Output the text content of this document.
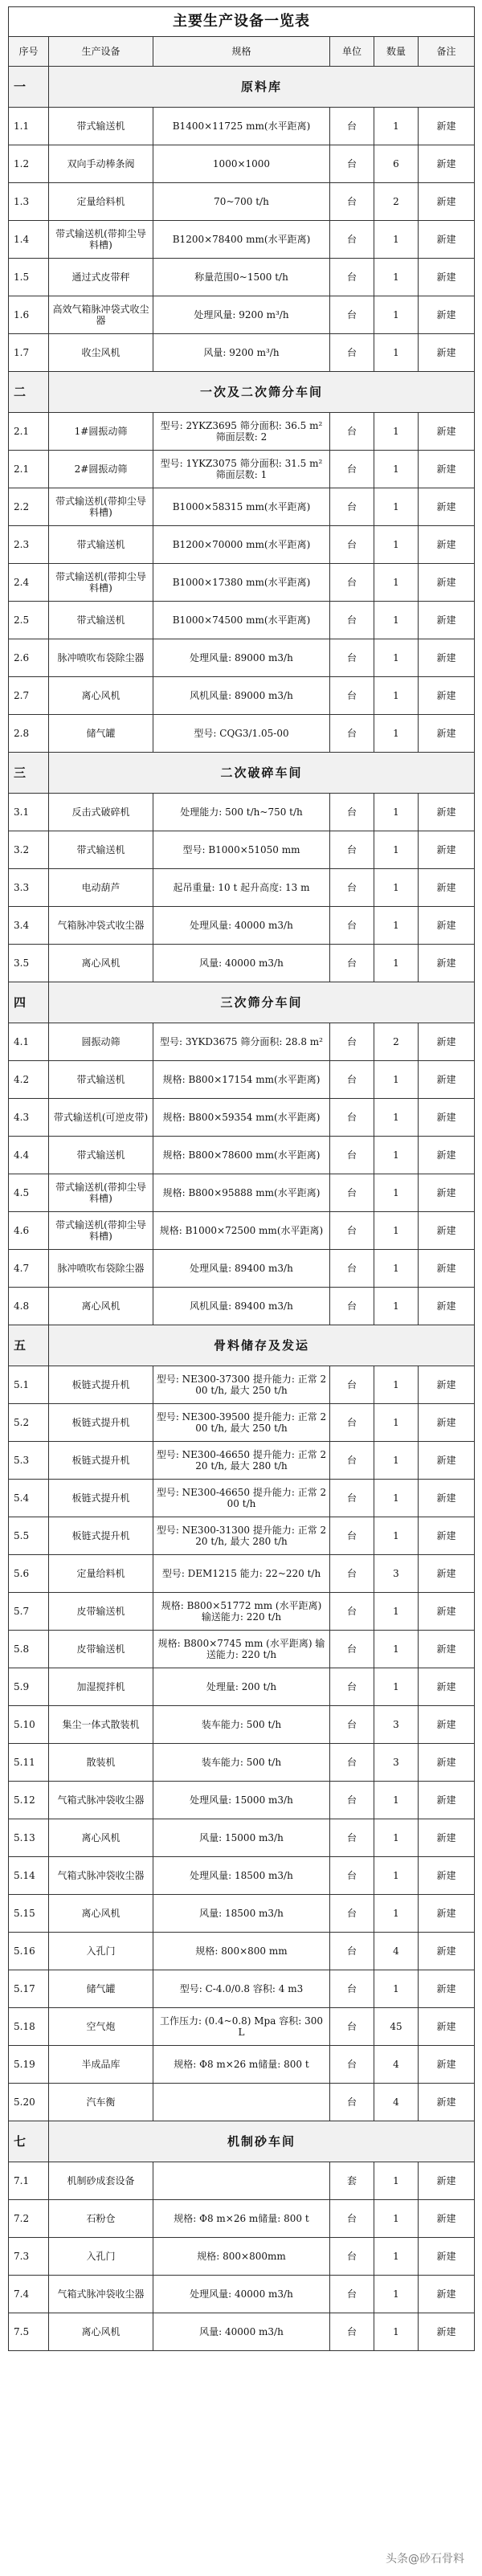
主要生产设备一览表					
序号	生产设备	规格	单位	数量	备注
一	原料库				
1.1	带式输送机	B1400×11725 mm(水平距离)	台	1	新建
1.2	双向手动棒条阀	1000×1000	台	6	新建
1.3	定量给料机	70~700 t/h	台	2	新建
1.4	带式输送机(带抑尘导料槽)	B1200×78400 mm(水平距离)	台	1	新建
1.5	通过式皮带秤	称量范围0~1500 t/h	台	1	新建
1.6	高效气箱脉冲袋式收尘器	处理风量: 9200 m³/h	台	1	新建
1.7	收尘风机	风量: 9200 m³/h	台	1	新建
二	一次及二次筛分车间				
2.1	1#圆振动筛	型号: 2YKZ3695 筛分面积: 36.5 m² 筛面层数: 2	台	1	新建
2.1	2#圆振动筛	型号: 1YKZ3075 筛分面积: 31.5 m² 筛面层数: 1	台	1	新建
2.2	带式输送机(带抑尘导料槽)	B1000×58315 mm(水平距离)	台	1	新建
2.3	带式输送机	B1200×70000 mm(水平距离)	台	1	新建
2.4	带式输送机(带抑尘导料槽)	B1000×17380 mm(水平距离)	台	1	新建
2.5	带式输送机	B1000×74500 mm(水平距离)	台	1	新建
2.6	脉冲喷吹布袋除尘器	处理风量: 89000 m3/h	台	1	新建
2.7	离心风机	风机风量: 89000 m3/h	台	1	新建
2.8	储气罐	型号: CQG3/1.05-00	台	1	新建
三	二次破碎车间				
3.1	反击式破碎机	处理能力: 500 t/h~750 t/h	台	1	新建
3.2	带式输送机	型号: B1000×51050 mm	台	1	新建
3.3	电动葫芦	起吊重量: 10 t 起升高度: 13 m	台	1	新建
3.4	气箱脉冲袋式收尘器	处理风量: 40000 m3/h	台	1	新建
3.5	离心风机	风量: 40000 m3/h	台	1	新建
四	三次筛分车间				
4.1	圆振动筛	型号: 3YKD3675 筛分面积: 28.8 m²	台	2	新建
4.2	带式输送机	规格: B800×17154 mm(水平距离)	台	1	新建
4.3	带式输送机(可逆皮带)	规格: B800×59354 mm(水平距离)	台	1	新建
4.4	带式输送机	规格: B800×78600 mm(水平距离)	台	1	新建
4.5	带式输送机(带抑尘导料槽)	规格: B800×95888 mm(水平距离)	台	1	新建
4.6	带式输送机(带抑尘导料槽)	规格: B1000×72500 mm(水平距离)	台	1	新建
4.7	脉冲喷吹布袋除尘器	处理风量: 89400 m3/h	台	1	新建
4.8	离心风机	风机风量: 89400 m3/h	台	1	新建
五	骨料储存及发运				
5.1	板链式提升机	型号: NE300-37300 提升能力: 正常 200 t/h, 最大 250 t/h	台	1	新建
5.2	板链式提升机	型号: NE300-39500 提升能力: 正常 200 t/h, 最大 250 t/h	台	1	新建
5.3	板链式提升机	型号: NE300-46650 提升能力: 正常 220 t/h, 最大 280 t/h	台	1	新建
5.4	板链式提升机	型号: NE300-46650 提升能力: 正常 200 t/h	台	1	新建
5.5	板链式提升机	型号: NE300-31300 提升能力: 正常 220 t/h, 最大 280 t/h	台	1	新建
5.6	定量给料机	型号: DEM1215 能力: 22~220 t/h	台	3	新建
5.7	皮带输送机	规格: B800×51772 mm (水平距离) 输送能力: 220 t/h	台	1	新建
5.8	皮带输送机	规格: B800×7745 mm (水平距离) 输送能力: 220 t/h	台	1	新建
5.9	加湿搅拌机	处理量: 200 t/h	台	1	新建
5.10	集尘一体式散装机	装车能力: 500 t/h	台	3	新建
5.11	散装机	装车能力: 500 t/h	台	3	新建
5.12	气箱式脉冲袋收尘器	处理风量: 15000 m3/h	台	1	新建
5.13	离心风机	风量: 15000 m3/h	台	1	新建
5.14	气箱式脉冲袋收尘器	处理风量: 18500 m3/h	台	1	新建
5.15	离心风机	风量: 18500 m3/h	台	1	新建
5.16	入孔门	规格: 800×800 mm	台	4	新建
5.17	储气罐	型号: C-4.0/0.8 容积: 4 m3	台	1	新建
5.18	空气炮	工作压力: (0.4~0.8) Mpa 容积: 300 L	台	45	新建
5.19	半成品库	规格: Φ8 m×26 m储量: 800 t	台	4	新建
5.20	汽车衡		台	4	新建
七	机制砂车间				
7.1	机制砂成套设备		套	1	新建
7.2	石粉仓	规格: Φ8 m×26 m储量: 800 t	台	1	新建
7.3	入孔门	规格: 800×800mm	台	1	新建
7.4	气箱式脉冲袋收尘器	处理风量: 40000 m3/h	台	1	新建
7.5	离心风机	风量: 40000 m3/h	台	1	新建
头条@砂石骨料
